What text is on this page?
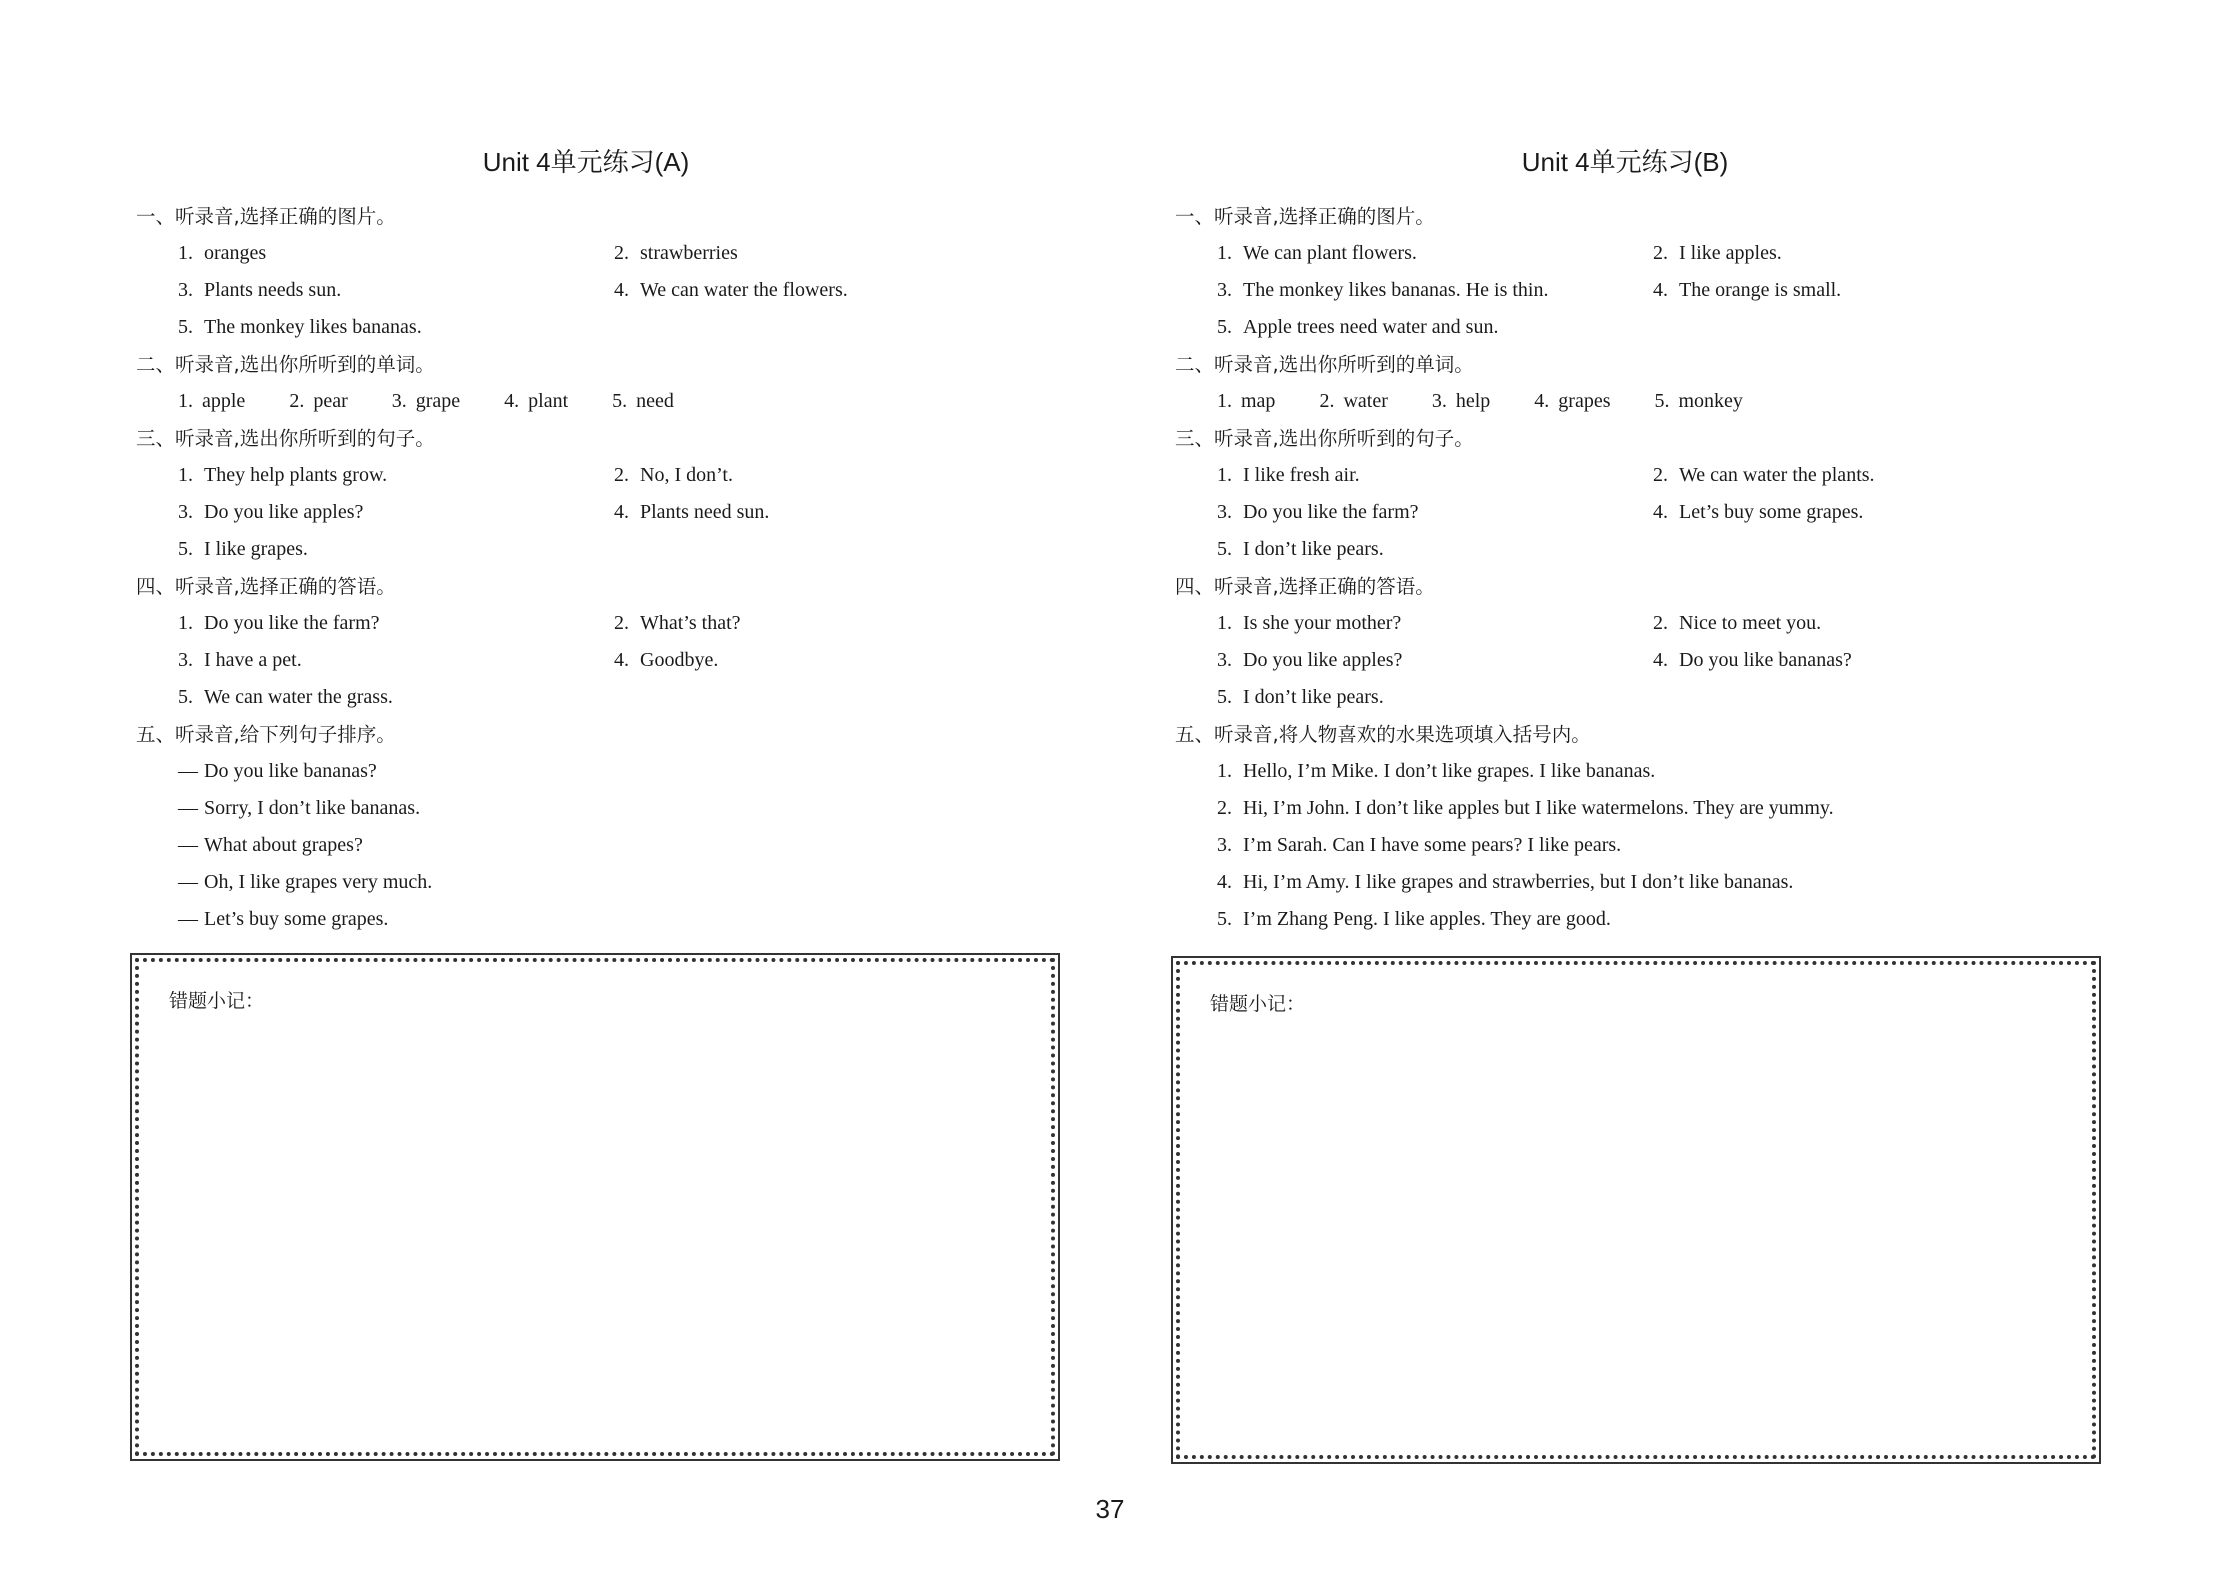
Unit 4单元练习(A)
一、听录音,选择正确的图片。
1. oranges	2. strawberries
3. Plants needs sun.	4. We can water the flowers.
5. The monkey likes bananas.
二、听录音,选出你所听到的单词。
1. apple 2. pear 3. grape 4. plant 5. need
三、听录音,选出你所听到的句子。
1. They help plants grow.	2. No, I don’t.
3. Do you like apples?	4. Plants need sun.
5. I like grapes.
四、听录音,选择正确的答语。
1. Do you like the farm?	2. What’s that?
3. I have a pet.	4. Goodbye.
5. We can water the grass.
五、听录音,给下列句子排序。
— Do you like bananas?
— Sorry, I don’t like bananas.
— What about grapes?
— Oh, I like grapes very much.
— Let’s buy some grapes.
Unit 4单元练习(B)
一、听录音,选择正确的图片。
1. We can plant flowers.	2. I like apples.
3. The monkey likes bananas. He is thin.	4. The orange is small.
5. Apple trees need water and sun.
二、听录音,选出你所听到的单词。
1. map 2. water 3. help 4. grapes 5. monkey
三、听录音,选出你所听到的句子。
1. I like fresh air.	2. We can water the plants.
3. Do you like the farm?	4. Let’s buy some grapes.
5. I don’t like pears.
四、听录音,选择正确的答语。
1. Is she your mother?	2. Nice to meet you.
3. Do you like apples?	4. Do you like bananas?
5. I don’t like pears.
五、听录音,将人物喜欢的水果选项填入括号内。
1. Hello, I’m Mike. I don’t like grapes. I like bananas.
2. Hi, I’m John. I don’t like apples but I like watermelons. They are yummy.
3. I’m Sarah. Can I have some pears? I like pears.
4. Hi, I’m Amy. I like grapes and strawberries, but I don’t like bananas.
5. I’m Zhang Peng. I like apples. They are good.
错题小记：	错题小记：
37
